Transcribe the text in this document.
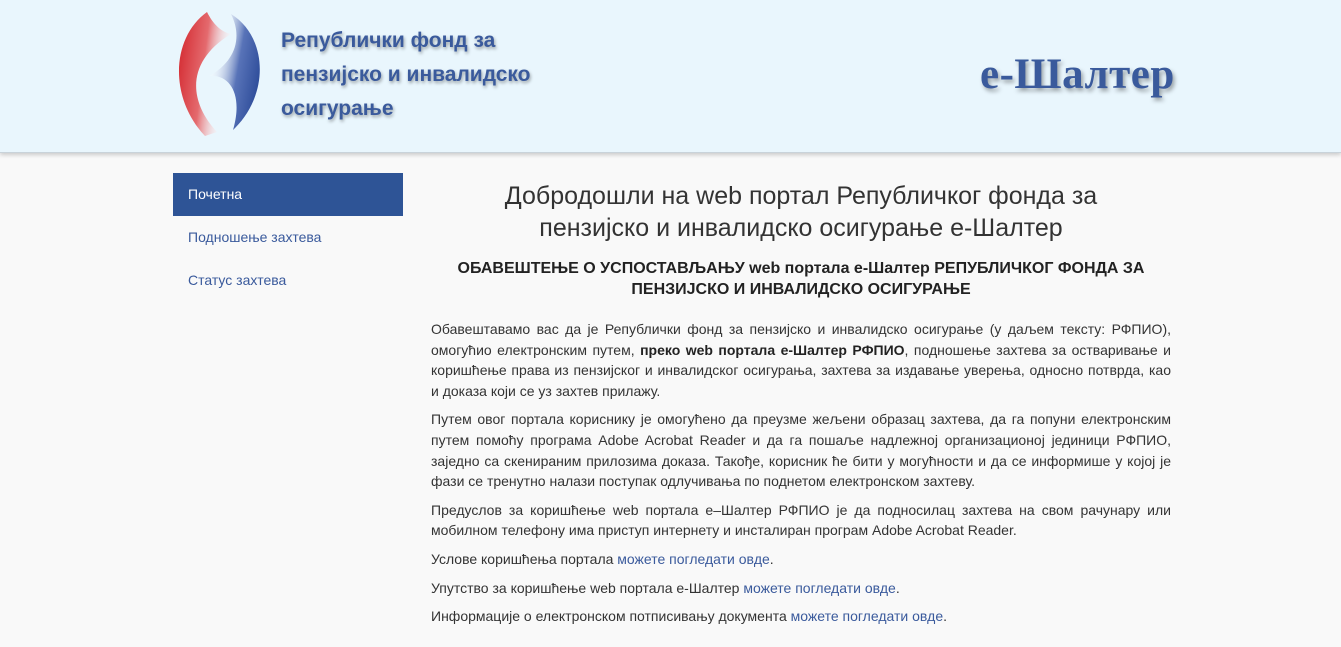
Републички фонд за пензијско и инвалидско осигурање
е-Шалтер
Почетна
Подношење захтева
Статус захтева
Добродошли на web портал Републичког фонда за пензијско и инвалидско осигурање е-Шалтер
ОБАВЕШТЕЊЕ О УСПОСТАВЉАЊУ web портала е-Шалтер РЕПУБЛИЧКОГ ФОНДА ЗА ПЕНЗИЈСКО И ИНВАЛИДСКО ОСИГУРАЊЕ

Обавештавамо вас да је Републички фонд за пензијско и инвалидско осигурање (у даљем тексту: РФПИО), омогућио електронским путем, преко web портала е-Шалтер РФПИО, подношење захтева за остваривање и коришћење права из пензијског и инвалидског осигурања, захтева за издавање уверења, односно потврда, као и доказа који се уз захтев прилажу.

Путем овог портала кориснику је омогућено да преузме жељени образац захтева, да га попуни електронским путем помоћу програма Adobe Acrobat Reader и да га пошаље надлежној организационој јединици РФПИО, заједно са скенираним прилозима доказа. Такође, корисник ће бити у могућности и да се информише у којој је фази се тренутно налази поступак одлучивања по поднетом електронском захтеву.

Предуслов за коришћење web портала е–Шалтер РФПИО је да подносилац захтева на свом рачунару или мобилном телефону има приступ интернету и инсталиран програм Adobe Acrobat Reader.

Услове коришћења портала можете погледати овде.

Упутство за коришћење web портала е-Шалтер можете погледати овде.

Информације о електронском потписивању документа можете погледати овде.
